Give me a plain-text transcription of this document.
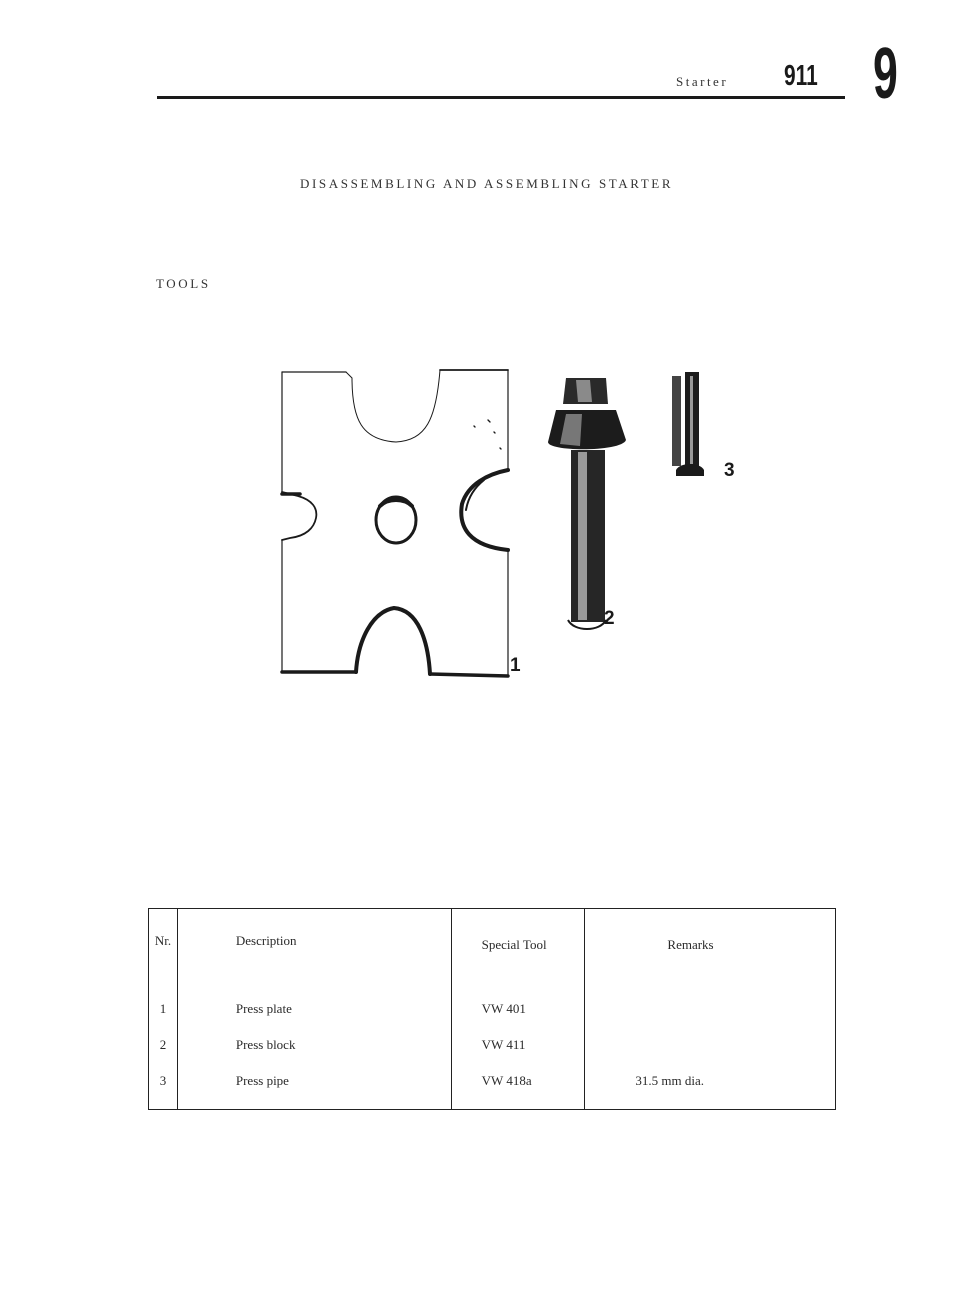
Starter 911 9
DISASSEMBLING AND ASSEMBLING STARTER
TOOLS
1
2
3
Nr.	Description	Special Tool	Remarks
1	Press plate	VW 401	
2	Press block	VW 411	
3	Press pipe	VW 418a	31.5 mm dia.
